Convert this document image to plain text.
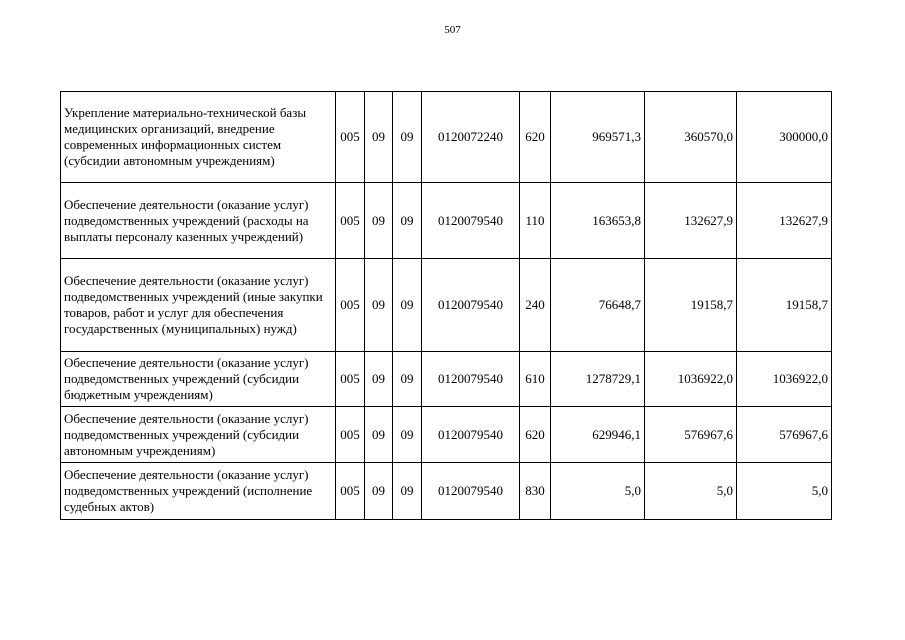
507
Укрепление материально-технической базы медицинских организаций, внедрение современных информационных систем (субсидии автономным учреждениям)	005	09	09	0120072240	620	969571,3	360570,0	300000,0
Обеспечение деятельности (оказание услуг) подведомственных учреждений (расходы на выплаты персоналу казенных учреждений)	005	09	09	0120079540	110	163653,8	132627,9	132627,9
Обеспечение деятельности (оказание услуг) подведомственных учреждений (иные закупки товаров, работ и услуг для обеспечения государственных (муниципальных) нужд)	005	09	09	0120079540	240	76648,7	19158,7	19158,7
Обеспечение деятельности (оказание услуг) подведомственных учреждений (субсидии бюджетным учреждениям)	005	09	09	0120079540	610	1278729,1	1036922,0	1036922,0
Обеспечение деятельности (оказание услуг) подведомственных учреждений (субсидии автономным учреждениям)	005	09	09	0120079540	620	629946,1	576967,6	576967,6
Обеспечение деятельности (оказание услуг) подведомственных учреждений (исполнение судебных актов)	005	09	09	0120079540	830	5,0	5,0	5,0
